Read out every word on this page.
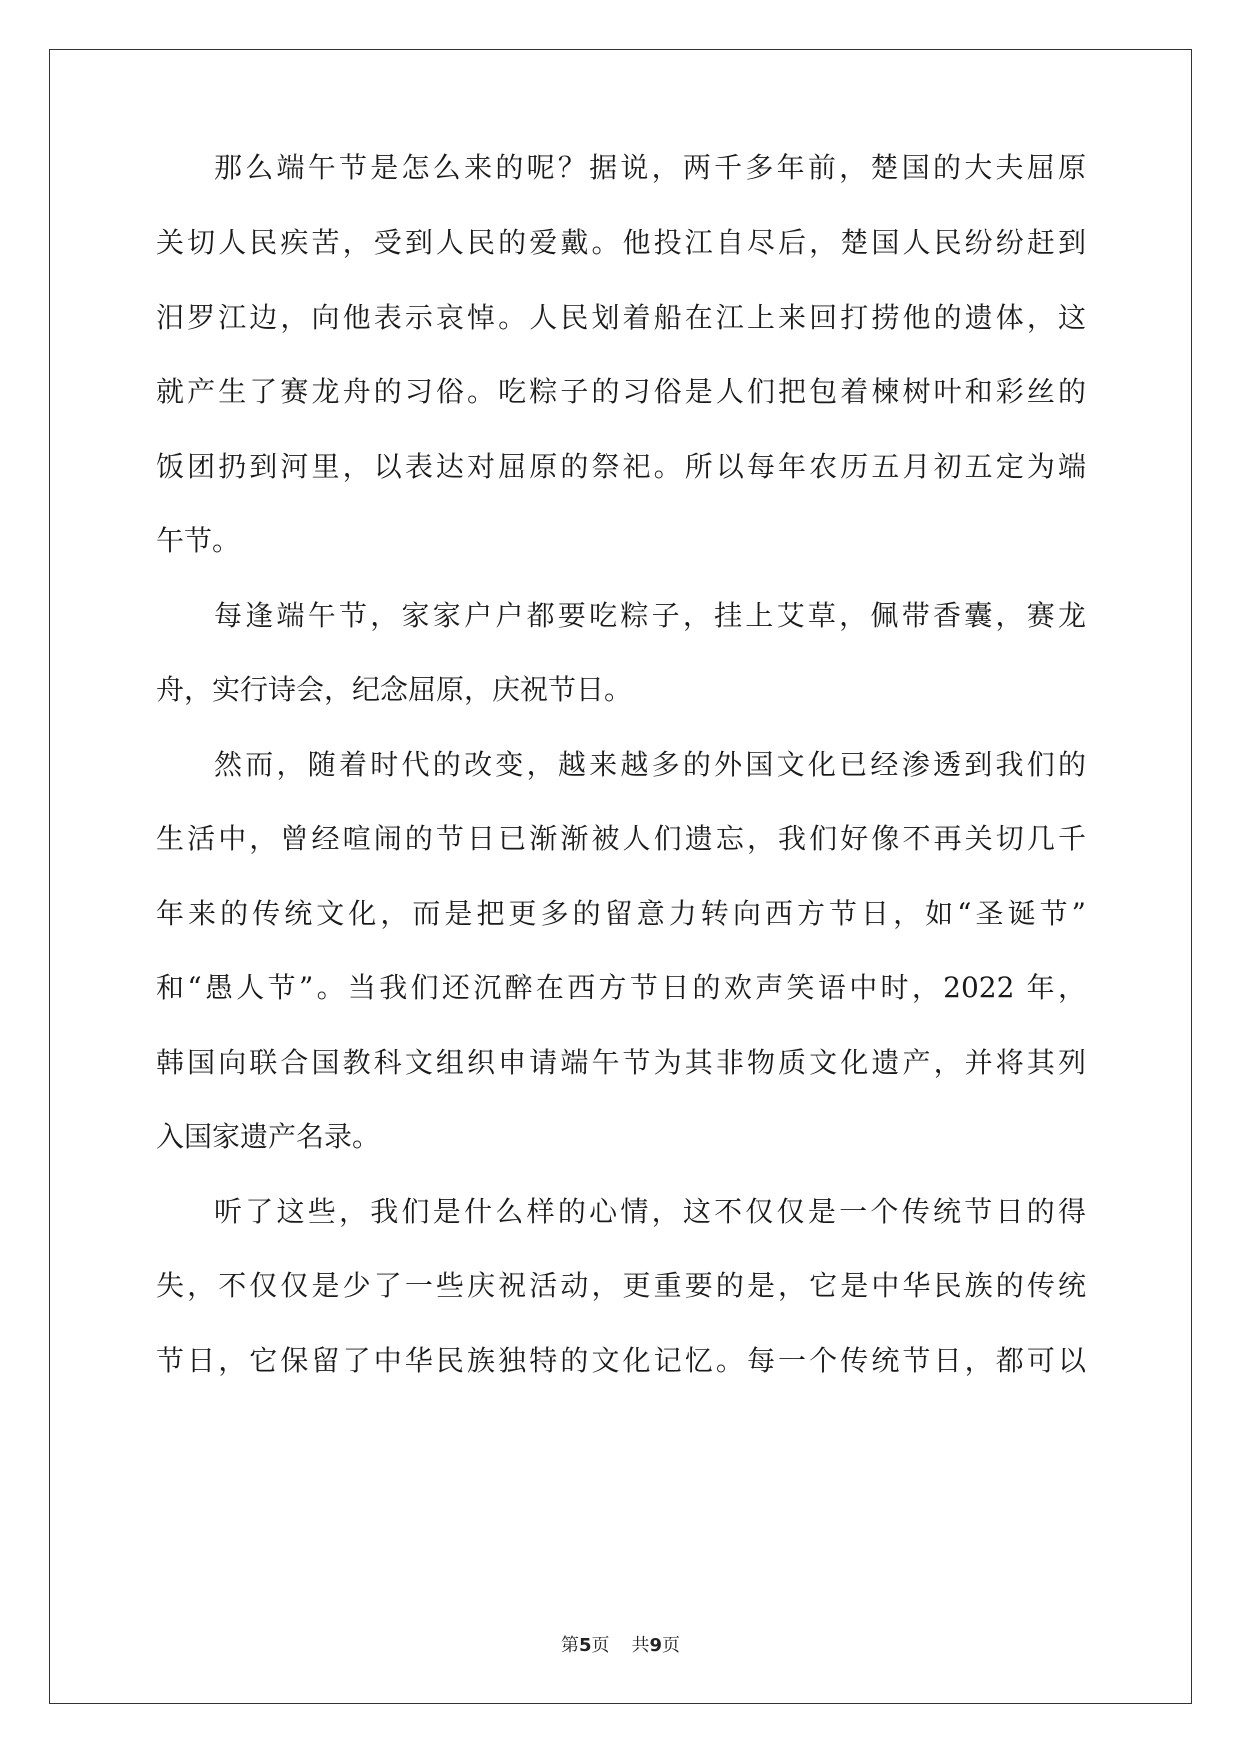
那么端午节是怎么来的呢？据说，两千多年前，楚国的大夫屈原
关切人民疾苦，受到人民的爱戴。他投江自尽后，楚国人民纷纷赶到
汨罗江边，向他表示哀悼。人民划着船在江上来回打捞他的遗体，这
就产生了赛龙舟的习俗。吃粽子的习俗是人们把包着楝树叶和彩丝的
饭团扔到河里，以表达对屈原的祭祀。所以每年农历五月初五定为端
午节。
每逢端午节，家家户户都要吃粽子，挂上艾草，佩带香囊，赛龙
舟，实行诗会，纪念屈原，庆祝节日。
然而，随着时代的改变，越来越多的外国文化已经渗透到我们的
生活中，曾经喧闹的节日已渐渐被人们遗忘，我们好像不再关切几千
年来的传统文化，而是把更多的留意力转向西方节日，如“圣诞节”
和“愚人节”。当我们还沉醉在西方节日的欢声笑语中时，2022 年，
韩国向联合国教科文组织申请端午节为其非物质文化遗产，并将其列
入国家遗产名录。
听了这些，我们是什么样的心情，这不仅仅是一个传统节日的得
失，不仅仅是少了一些庆祝活动，更重要的是，它是中华民族的传统
节日，它保留了中华民族独特的文化记忆。每一个传统节日，都可以
第5页 共9页
